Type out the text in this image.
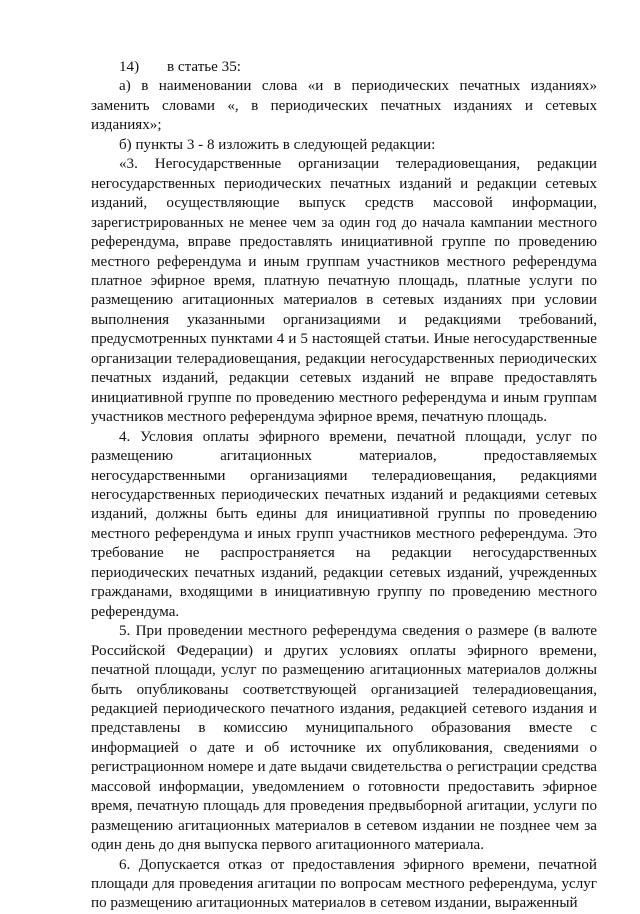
14) в статье 35:

а) в наименовании слова «и в периодических печатных изданиях» заменить словами «, в периодических печатных изданиях и сетевых изданиях»;

б) пункты 3 - 8 изложить в следующей редакции:

«3. Негосударственные организации телерадиовещания, редакции негосударственных периодических печатных изданий и редакции сетевых изданий, осуществляющие выпуск средств массовой информации, зарегистрированных не менее чем за один год до начала кампании местного референдума, вправе предоставлять инициативной группе по проведению местного референдума и иным группам участников местного референдума платное эфирное время, платную печатную площадь, платные услуги по размещению агитационных материалов в сетевых изданиях при условии выполнения указанными организациями и редакциями требований, предусмотренных пунктами 4 и 5 настоящей статьи. Иные негосударственные организации телерадиовещания, редакции негосударственных периодических печатных изданий, редакции сетевых изданий не вправе предоставлять инициативной группе по проведению местного референдума и иным группам участников местного референдума эфирное время, печатную площадь.

4. Условия оплаты эфирного времени, печатной площади, услуг по размещению агитационных материалов, предоставляемых негосударственными организациями телерадиовещания, редакциями негосударственных периодических печатных изданий и редакциями сетевых изданий, должны быть едины для инициативной группы по проведению местного референдума и иных групп участников местного референдума. Это требование не распространяется на редакции негосударственных периодических печатных изданий, редакции сетевых изданий, учрежденных гражданами, входящими в инициативную группу по проведению местного референдума.

5. При проведении местного референдума сведения о размере (в валюте Российской Федерации) и других условиях оплаты эфирного времени, печатной площади, услуг по размещению агитационных материалов должны быть опубликованы соответствующей организацией телерадиовещания, редакцией периодического печатного издания, редакцией сетевого издания и представлены в комиссию муниципального образования вместе с информацией о дате и об источнике их опубликования, сведениями о регистрационном номере и дате выдачи свидетельства о регистрации средства массовой информации, уведомлением о готовности предоставить эфирное время, печатную площадь для проведения предвыборной агитации, услуги по размещению агитационных материалов в сетевом издании не позднее чем за один день до дня выпуска первого агитационного материала.

6. Допускается отказ от предоставления эфирного времени, печатной площади для проведения агитации по вопросам местного референдума, услуг по размещению агитационных материалов в сетевом издании, выраженный
